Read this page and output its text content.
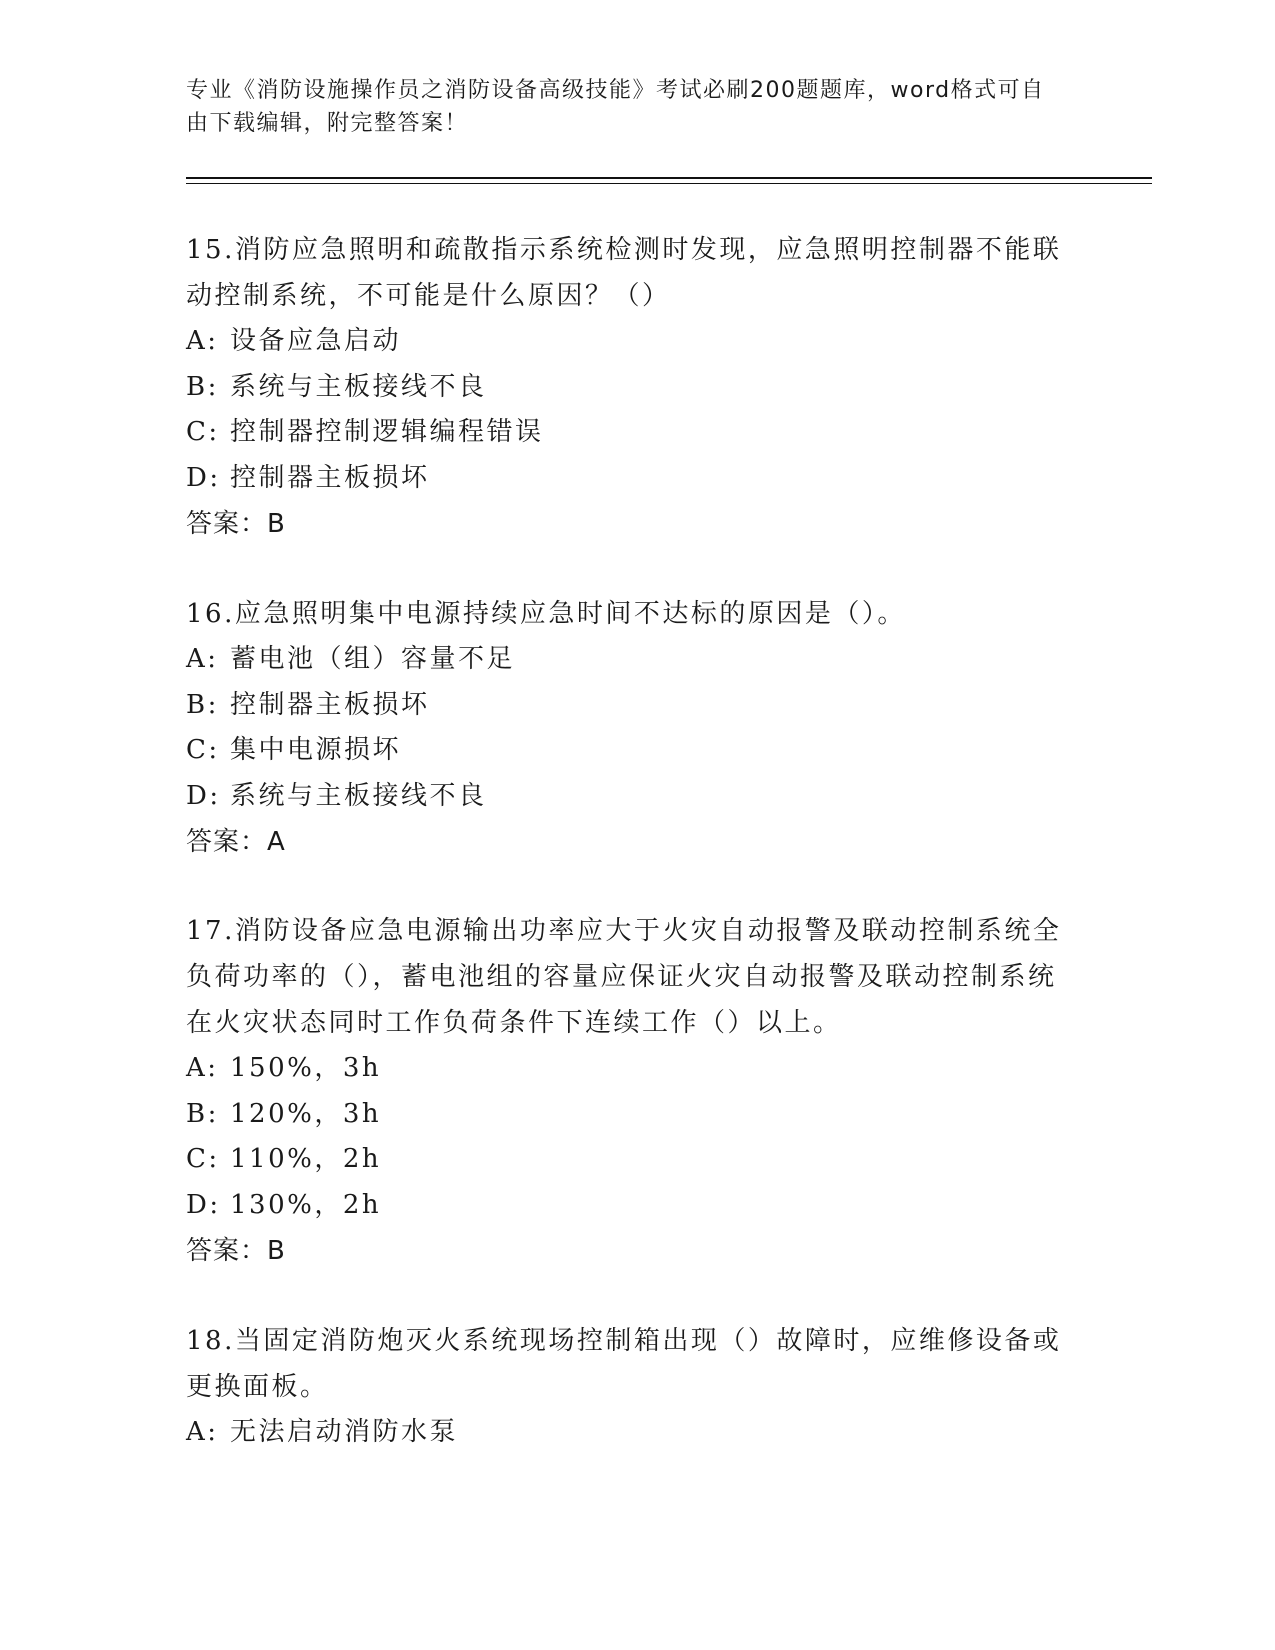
专业《消防设施操作员之消防设备高级技能》考试必刷200题题库，word格式可自由下载编辑，附完整答案！
15.消防应急照明和疏散指示系统检测时发现，应急照明控制器不能联动控制系统，不可能是什么原因？（）
A: 设备应急启动
B: 系统与主板接线不良
C: 控制器控制逻辑编程错误
D: 控制器主板损坏
答案：B
16.应急照明集中电源持续应急时间不达标的原因是（）。
A: 蓄电池（组）容量不足
B: 控制器主板损坏
C: 集中电源损坏
D: 系统与主板接线不良
答案：A
17.消防设备应急电源输出功率应大于火灾自动报警及联动控制系统全负荷功率的（），蓄电池组的容量应保证火灾自动报警及联动控制系统在火灾状态同时工作负荷条件下连续工作（）以上。
A: 150%，3h
B: 120%，3h
C: 110%，2h
D: 130%，2h
答案：B
18.当固定消防炮灭火系统现场控制箱出现（）故障时，应维修设备或更换面板。
A: 无法启动消防水泵
